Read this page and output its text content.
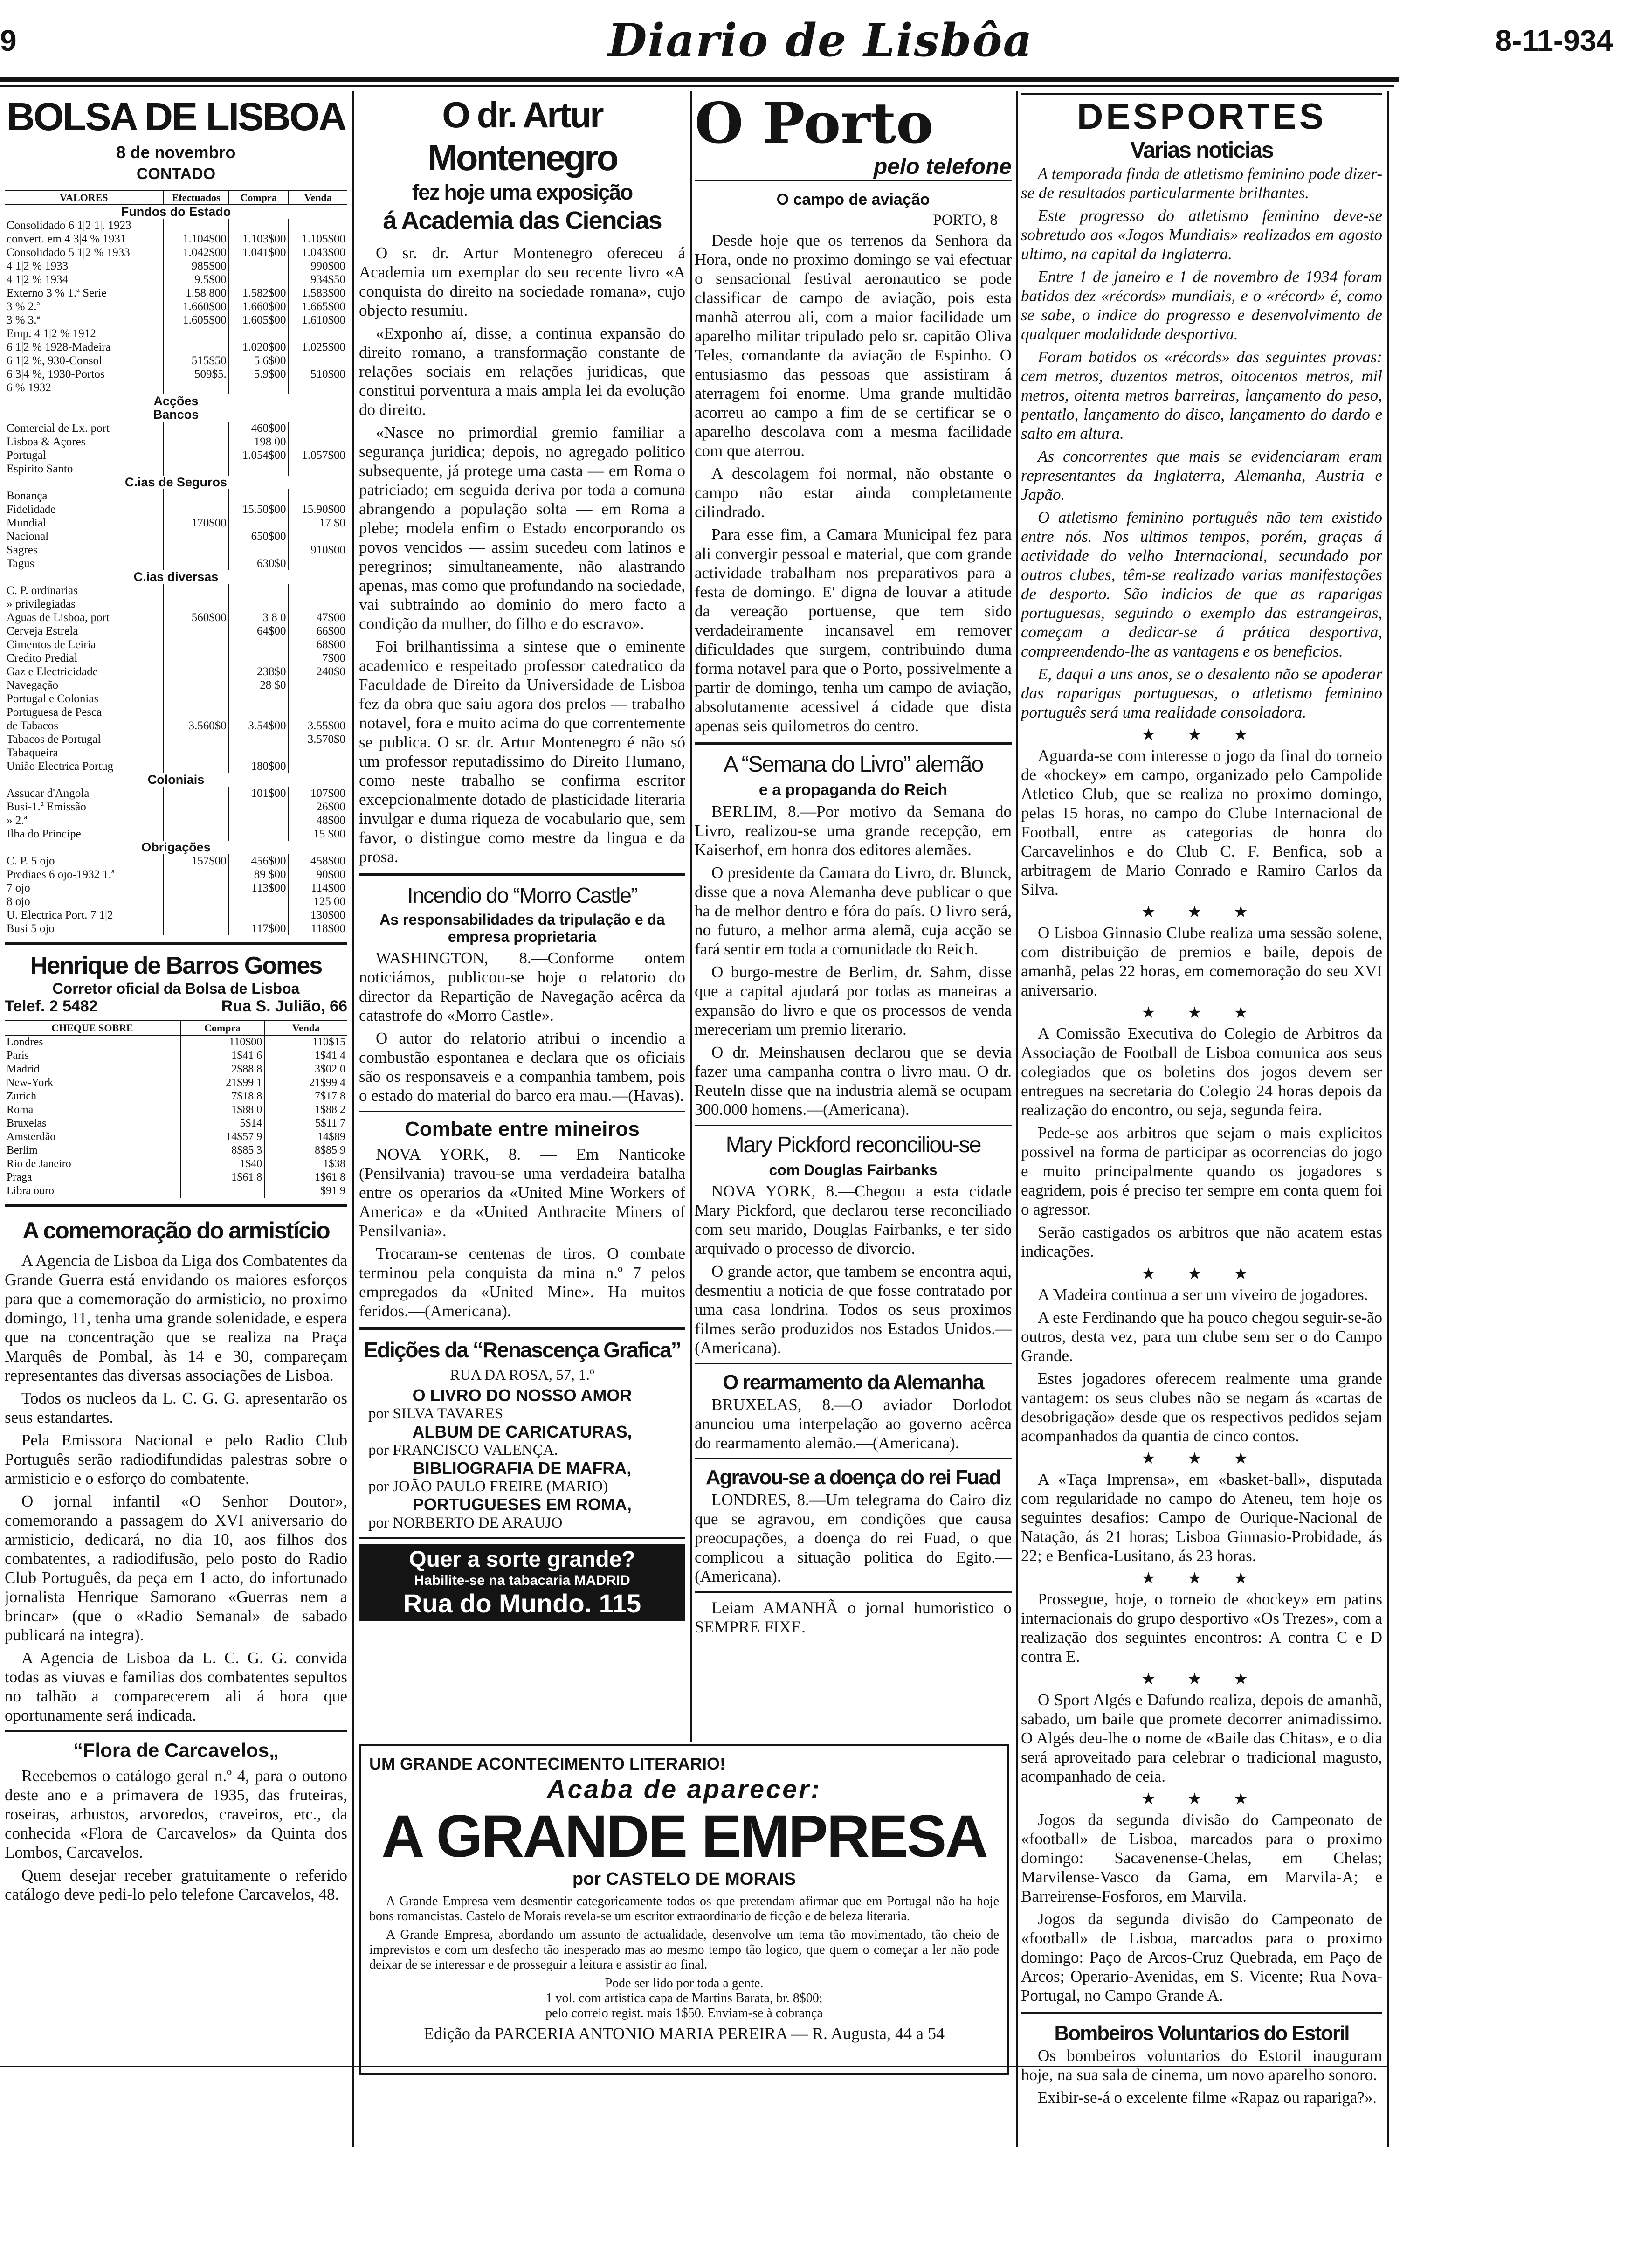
9	Diario de Lisbôa	8-11-934
BOLSA DE LISBOA
8 de novembro
CONTADO
VALORES	Efectuados	Compra	Venda
Fundos do Estado			
Consolidado 6 1|2 1|. 1923			
convert. em 4 3|4 % 1931	1.104$00	1.103$00	1.105$00
Consolidado 5 1|2 % 1933	1.042$00	1.041$00	1.043$00
4 1|2 % 1933	985$00		990$00
4 1|2 % 1934	9.5$00		934$50
Externo 3 % 1.ª Serie	1.58 800	1.582$00	1.583$00
3 % 2.ª	1.660$00	1.660$00	1.665$00
3 % 3.ª	1.605$00	1.605$00	1.610$00
Emp. 4 1|2 % 1912			
6 1|2 % 1928-Madeira		1.020$00	1.025$00
6 1|2 %, 930-Consol	515$50	5 6$00	
6 3|4 %, 1930-Portos	509$5.	5.9$00	510$00
6 % 1932			
Acções			
Bancos			
Comercial de Lx. port		460$00	
Lisboa & Açores		198 00	
Portugal		1.054$00	1.057$00
Espirito Santo			
C.ias de Seguros			
Bonança			
Fidelidade		15.50$00	15.90$00
Mundial	170$00		17 $0
Nacional		650$00	
Sagres			910$00
Tagus		630$0	
C.ias diversas			
C. P. ordinarias			
» privilegiadas			
Aguas de Lisboa, port	560$00	3 8 0	47$00
Cerveja Estrela		64$00	66$00
Cimentos de Leiria			68$00
Credito Predial			7$00
Gaz e Electricidade		238$0	240$0
Navegação		28 $0	
Portugal e Colonias			
Portuguesa de Pesca			
de Tabacos	3.560$0	3.54$00	3.55$00
Tabacos de Portugal			3.570$0
Tabaqueira			
União Electrica Portug		180$00	
Coloniais			
Assucar d'Angola		101$00	107$00
Busi-1.ª Emissão			26$00
» 2.ª			48$00
Ilha do Principe			15 $00
Obrigações			
C. P. 5 ojo	157$00	456$00	458$00
Prediaes 6 ojo-1932 1.ª		89 $00	90$00
7 ojo		113$00	114$00
8 ojo			125 00
U. Electrica Port. 7 1|2			130$00
Busi 5 ojo		117$00	118$00
Henrique de Barros Gomes
Corretor oficial da Bolsa de Lisboa
Telef. 2 5482	Rua S. Julião, 66
CHEQUE SOBRE	Compra	Venda
Londres	110$00	110$15
Paris	1$41 6	1$41 4
Madrid	2$88 8	3$02 0
New-York	21$99 1	21$99 4
Zurich	7$18 8	7$17 8
Roma	1$88 0	1$88 2
Bruxelas	5$14	5$11 7
Amsterdão	14$57 9	14$89
Berlim	8$85 3	8$85 9
Rio de Janeiro	1$40	1$38
Praga	1$61 8	1$61 8
Libra ouro		$91 9
A comemoração do armistício

A Agencia de Lisboa da Liga dos Combatentes da Grande Guerra está envidando os maiores esforços para que a comemoração do armisticio, no proximo domingo, 11, tenha uma grande solenidade, e espera que na concentração que se realiza na Praça Marquês de Pombal, às 14 e 30, compareçam representantes das diversas associações de Lisboa.

Todos os nucleos da L. C. G. G. apresentarão os seus estandartes.

Pela Emissora Nacional e pelo Radio Club Português serão radiodifundidas palestras sobre o armisticio e o esforço do combatente.

O jornal infantil «O Senhor Doutor», comemorando a passagem do XVI aniversario do armisticio, dedicará, no dia 10, aos filhos dos combatentes, a radiodifusão, pelo posto do Radio Club Português, da peça em 1 acto, do infortunado jornalista Henrique Samorano «Guerras nem a brincar» (que o «Radio Semanal» de sabado publicará na integra).

A Agencia de Lisboa da L. C. G. G. convida todas as viuvas e familias dos combatentes sepultos no talhão a comparecerem ali á hora que oportunamente será indicada.

“Flora de Carcavelos„

Recebemos o catálogo geral n.º 4, para o outono deste ano e a primavera de 1935, das fruteiras, roseiras, arbustos, arvoredos, craveiros, etc., da conhecida «Flora de Carcavelos» da Quinta dos Lombos, Carcavelos.

Quem desejar receber gratuitamente o referido catálogo deve pedi-lo pelo telefone Carcavelos, 48.

O dr. Artur Montenegro
fez hoje uma exposição
á Academia das Ciencias

O sr. dr. Artur Montenegro ofereceu á Academia um exemplar do seu recente livro «A conquista do direito na sociedade romana», cujo objecto resumiu.

«Exponho aí, disse, a continua expansão do direito romano, a transformação constante de relações sociais em relações juridicas, que constitui porventura a mais ampla lei da evolução do direito.

«Nasce no primordial gremio familiar a segurança juridica; depois, no agregado politico subsequente, já protege uma casta — em Roma o patriciado; em seguida deriva por toda a comuna abrangendo a população solta — em Roma a plebe; modela enfim o Estado encorporando os povos vencidos — assim sucedeu com latinos e peregrinos; simultaneamente, não alastrando apenas, mas como que profundando na sociedade, vai subtraindo ao dominio do mero facto a condição da mulher, do filho e do escravo».

Foi brilhantissima a sintese que o eminente academico e respeitado professor catedratico da Faculdade de Direito da Universidade de Lisboa fez da obra que saiu agora dos prelos — trabalho notavel, fora e muito acima do que correntemente se publica. O sr. dr. Artur Montenegro é não só um professor reputadissimo do Direito Humano, como neste trabalho se confirma escritor excepcionalmente dotado de plasticidade literaria invulgar e duma riqueza de vocabulario que, sem favor, o distingue como mestre da lingua e da prosa.

Incendio do “Morro Castle”
As responsabilidades da tripulação e da empresa proprietaria

WASHINGTON, 8.—Conforme ontem noticiámos, publicou-se hoje o relatorio do director da Repartição de Navegação acêrca da catastrofe do «Morro Castle».

O autor do relatorio atribui o incendio a combustão espontanea e declara que os oficiais são os responsaveis e a companhia tambem, pois o estado do material do barco era mau.—(Havas).

Combate entre mineiros

NOVA YORK, 8. — Em Nanticoke (Pensilvania) travou-se uma verdadeira batalha entre os operarios da «United Mine Workers of America» e da «United Anthracite Miners of Pensilvania».

Trocaram-se centenas de tiros. O combate terminou pela conquista da mina n.º 7 pelos empregados da «United Mine». Ha muitos feridos.—(Americana).

Edições da “Renascença Grafica”
RUA DA ROSA, 57, 1.º
O LIVRO DO NOSSO AMOR
por SILVA TAVARES
ALBUM DE CARICATURAS,
por FRANCISCO VALENÇA.
BIBLIOGRAFIA DE MAFRA,
por JOÃO PAULO FREIRE (MARIO)
PORTUGUESES EM ROMA,
por NORBERTO DE ARAUJO
Quer a sorte grande?
Habilite-se na tabacaria MADRID
Rua do Mundo. 115
O Porto
pelo telefone
O campo de aviação
PORTO, 8

Desde hoje que os terrenos da Senhora da Hora, onde no proximo domingo se vai efectuar o sensacional festival aeronautico se pode classificar de campo de aviação, pois esta manhã aterrou ali, com a maior facilidade um aparelho militar tripulado pelo sr. capitão Oliva Teles, comandante da aviação de Espinho. O entusiasmo das pessoas que assistiram á aterragem foi enorme. Uma grande multidão acorreu ao campo a fim de se certificar se o aparelho descolava com a mesma facilidade com que aterrou.

A descolagem foi normal, não obstante o campo não estar ainda completamente cilindrado.

Para esse fim, a Camara Municipal fez para ali convergir pessoal e material, que com grande actividade trabalham nos preparativos para a festa de domingo. E' digna de louvar a atitude da vereação portuense, que tem sido verdadeiramente incansavel em remover dificuldades que surgem, contribuindo duma forma notavel para que o Porto, possivelmente a partir de domingo, tenha um campo de aviação, absolutamente acessivel á cidade que dista apenas seis quilometros do centro.

A “Semana do Livro” alemão
e a propaganda do Reich

BERLIM, 8.—Por motivo da Semana do Livro, realizou-se uma grande recepção, em Kaiserhof, em honra dos editores alemães.

O presidente da Camara do Livro, dr. Blunck, disse que a nova Alemanha deve publicar o que ha de melhor dentro e fóra do país. O livro será, no futuro, a melhor arma alemã, cuja acção se fará sentir em toda a comunidade do Reich.

O burgo-mestre de Berlim, dr. Sahm, disse que a capital ajudará por todas as maneiras a expansão do livro e que os processos de venda mereceriam um premio literario.

O dr. Meinshausen declarou que se devia fazer uma campanha contra o livro mau. O dr. Reuteln disse que na industria alemã se ocupam 300.000 homens.—(Americana).

Mary Pickford reconciliou-se
com Douglas Fairbanks

NOVA YORK, 8.—Chegou a esta cidade Mary Pickford, que declarou terse reconciliado com seu marido, Douglas Fairbanks, e ter sido arquivado o processo de divorcio.

O grande actor, que tambem se encontra aqui, desmentiu a noticia de que fosse contratado por uma casa londrina. Todos os seus proximos filmes serão produzidos nos Estados Unidos.—(Americana).

O rearmamento da Alemanha

BRUXELAS, 8.—O aviador Dorlodot anunciou uma interpelação ao governo acêrca do rearmamento alemão.—(Americana).

Agravou-se a doença do rei Fuad

LONDRES, 8.—Um telegrama do Cairo diz que se agravou, em condições que causa preocupações, a doença do rei Fuad, o que complicou a situação politica do Egito.—(Americana).

Leiam AMANHÃ o jornal humoristico o SEMPRE FIXE.

UM GRANDE ACONTECIMENTO LITERARIO!
Acaba de aparecer:
A GRANDE EMPRESA
por CASTELO DE MORAIS

A Grande Empresa vem desmentir categoricamente todos os que pretendam afirmar que em Portugal não ha hoje bons romancistas. Castelo de Morais revela-se um escritor extraordinario de ficção e de beleza literaria.

A Grande Empresa, abordando um assunto de actualidade, desenvolve um tema tão movimentado, tão cheio de imprevistos e com um desfecho tão inesperado mas ao mesmo tempo tão logico, que quem o começar a ler não pode deixar de se interessar e de prosseguir a leitura e assistir ao final.

Pode ser lido por toda a gente.
1 vol. com artistica capa de Martins Barata, br. 8$00;
pelo correio regist. mais 1$50. Enviam-se à cobrança
Edição da PARCERIA ANTONIO MARIA PEREIRA — R. Augusta, 44 a 54
DESPORTES
Varias noticias

A temporada finda de atletismo feminino pode dizer-se de resultados particularmente brilhantes.

Este progresso do atletismo feminino deve-se sobretudo aos «Jogos Mundiais» realizados em agosto ultimo, na capital da Inglaterra.

Entre 1 de janeiro e 1 de novembro de 1934 foram batidos dez «récords» mundiais, e o «récord» é, como se sabe, o indice do progresso e desenvolvimento de qualquer modalidade desportiva.

Foram batidos os «récords» das seguintes provas: cem metros, duzentos metros, oitocentos metros, mil metros, oitenta metros barreiras, lançamento do peso, pentatlo, lançamento do disco, lançamento do dardo e salto em altura.

As concorrentes que mais se evidenciaram eram representantes da Inglaterra, Alemanha, Austria e Japão.

O atletismo feminino português não tem existido entre nós. Nos ultimos tempos, porém, graças á actividade do velho Internacional, secundado por outros clubes, têm-se realizado varias manifestações de desporto. São indicios de que as raparigas portuguesas, seguindo o exemplo das estrangeiras, começam a dedicar-se á prática desportiva, compreendendo-lhe as vantagens e os beneficios.

E, daqui a uns anos, se o desalento não se apoderar das raparigas portuguesas, o atletismo feminino português será uma realidade consoladora.

★ ★ ★

Aguarda-se com interesse o jogo da final do torneio de «hockey» em campo, organizado pelo Campolide Atletico Club, que se realiza no proximo domingo, pelas 15 horas, no campo do Clube Internacional de Football, entre as categorias de honra do Carcavelinhos e do Club C. F. Benfica, sob a arbitragem de Mario Conrado e Ramiro Carlos da Silva.

★ ★ ★

O Lisboa Ginnasio Clube realiza uma sessão solene, com distribuição de premios e baile, depois de amanhã, pelas 22 horas, em comemoração do seu XVI aniversario.

★ ★ ★

A Comissão Executiva do Colegio de Arbitros da Associação de Football de Lisboa comunica aos seus colegiados que os boletins dos jogos devem ser entregues na secretaria do Colegio 24 horas depois da realização do encontro, ou seja, segunda feira.

Pede-se aos arbitros que sejam o mais explicitos possivel na forma de participar as ocorrencias do jogo e muito principalmente quando os jogadores s eagridem, pois é preciso ter sempre em conta quem foi o agressor.

Serão castigados os arbitros que não acatem estas indicações.

★ ★ ★

A Madeira continua a ser um viveiro de jogadores.

A este Ferdinando que ha pouco chegou seguir-se-ão outros, desta vez, para um clube sem ser o do Campo Grande.

Estes jogadores oferecem realmente uma grande vantagem: os seus clubes não se negam ás «cartas de desobrigação» desde que os respectivos pedidos sejam acompanhados da quantia de cinco contos.

★ ★ ★

A «Taça Imprensa», em «basket-ball», disputada com regularidade no campo do Ateneu, tem hoje os seguintes desafios: Campo de Ourique-Nacional de Natação, ás 21 horas; Lisboa Ginnasio-Probidade, ás 22; e Benfica-Lusitano, ás 23 horas.

★ ★ ★

Prossegue, hoje, o torneio de «hockey» em patins internacionais do grupo desportivo «Os Trezes», com a realização dos seguintes encontros: A contra C e D contra E.

★ ★ ★

O Sport Algés e Dafundo realiza, depois de amanhã, sabado, um baile que promete decorrer animadissimo. O Algés deu-lhe o nome de «Baile das Chitas», e o dia será aproveitado para celebrar o tradicional magusto, acompanhado de ceia.

★ ★ ★

Jogos da segunda divisão do Campeonato de «football» de Lisboa, marcados para o proximo domingo: Sacavenense-Chelas, em Chelas; Marvilense-Vasco da Gama, em Marvila-A; e Barreirense-Fosforos, em Marvila.

Jogos da segunda divisão do Campeonato de «football» de Lisboa, marcados para o proximo domingo: Paço de Arcos-Cruz Quebrada, em Paço de Arcos; Operario-Avenidas, em S. Vicente; Rua Nova-Portugal, no Campo Grande A.

Bombeiros Voluntarios do Estoril

Os bombeiros voluntarios do Estoril inauguram hoje, na sua sala de cinema, um novo aparelho sonoro.

Exibir-se-á o excelente filme «Rapaz ou rapariga?».
